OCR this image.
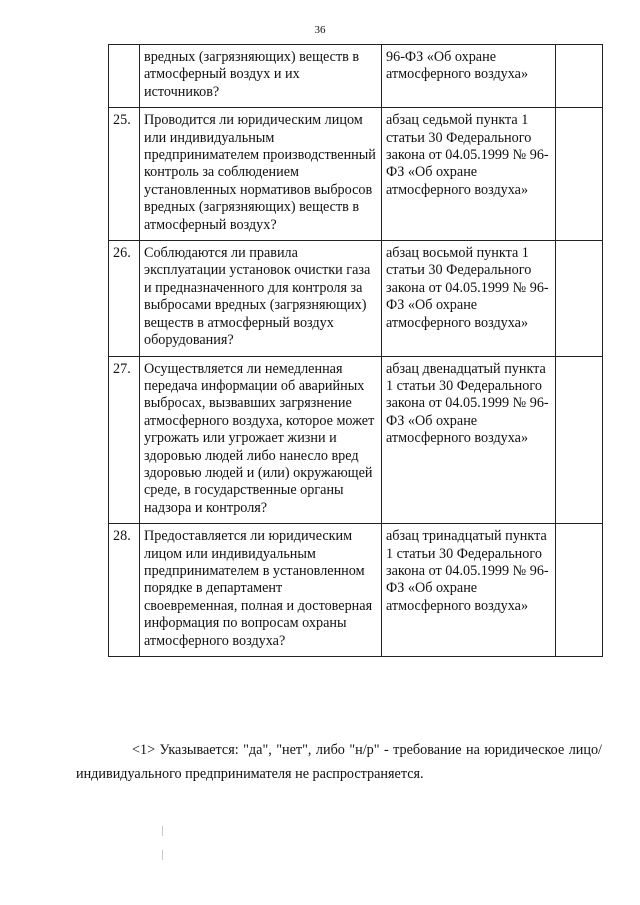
36
	вредных (загрязняющих) веществ в атмосферный воздух и их источников?	96-ФЗ «Об охране атмосферного воздуха»	
25.	Проводится ли юридическим лицом или индивидуальным предпринимателем производственный контроль за соблюдением установленных нормативов выбросов вредных (загрязняющих) веществ в атмосферный воздух?	абзац седьмой пункта 1 статьи 30 Федерального закона от 04.05.1999 № 96-ФЗ «Об охране атмосферного воздуха»	
26.	Соблюдаются ли правила эксплуатации установок очистки газа и предназначенного для контроля за выбросами вредных (загрязняющих) веществ в атмосферный воздух оборудования?	абзац восьмой пункта 1 статьи 30 Федерального закона от 04.05.1999 № 96-ФЗ «Об охране атмосферного воздуха»	
27.	Осуществляется ли немедленная передача информации об аварийных выбросах, вызвавших загрязнение атмосферного воздуха, которое может угрожать или угрожает жизни и здоровью людей либо нанесло вред здоровью людей и (или) окружающей среде, в государственные органы надзора и контроля?	абзац двенадцатый пункта 1 статьи 30 Федерального закона от 04.05.1999 № 96-ФЗ «Об охране атмосферного воздуха»	
28.	Предоставляется ли юридическим лицом или индивидуальным предпринимателем в установленном порядке в департамент своевременная, полная и достоверная информация по вопросам охраны атмосферного воздуха?	абзац тринадцатый пункта 1 статьи 30 Федерального закона от 04.05.1999 № 96-ФЗ «Об охране атмосферного воздуха»	
<1> Указывается: "да", "нет", либо "н/р" - требование на юридическое лицо/индивидуального предпринимателя не распространяется.
